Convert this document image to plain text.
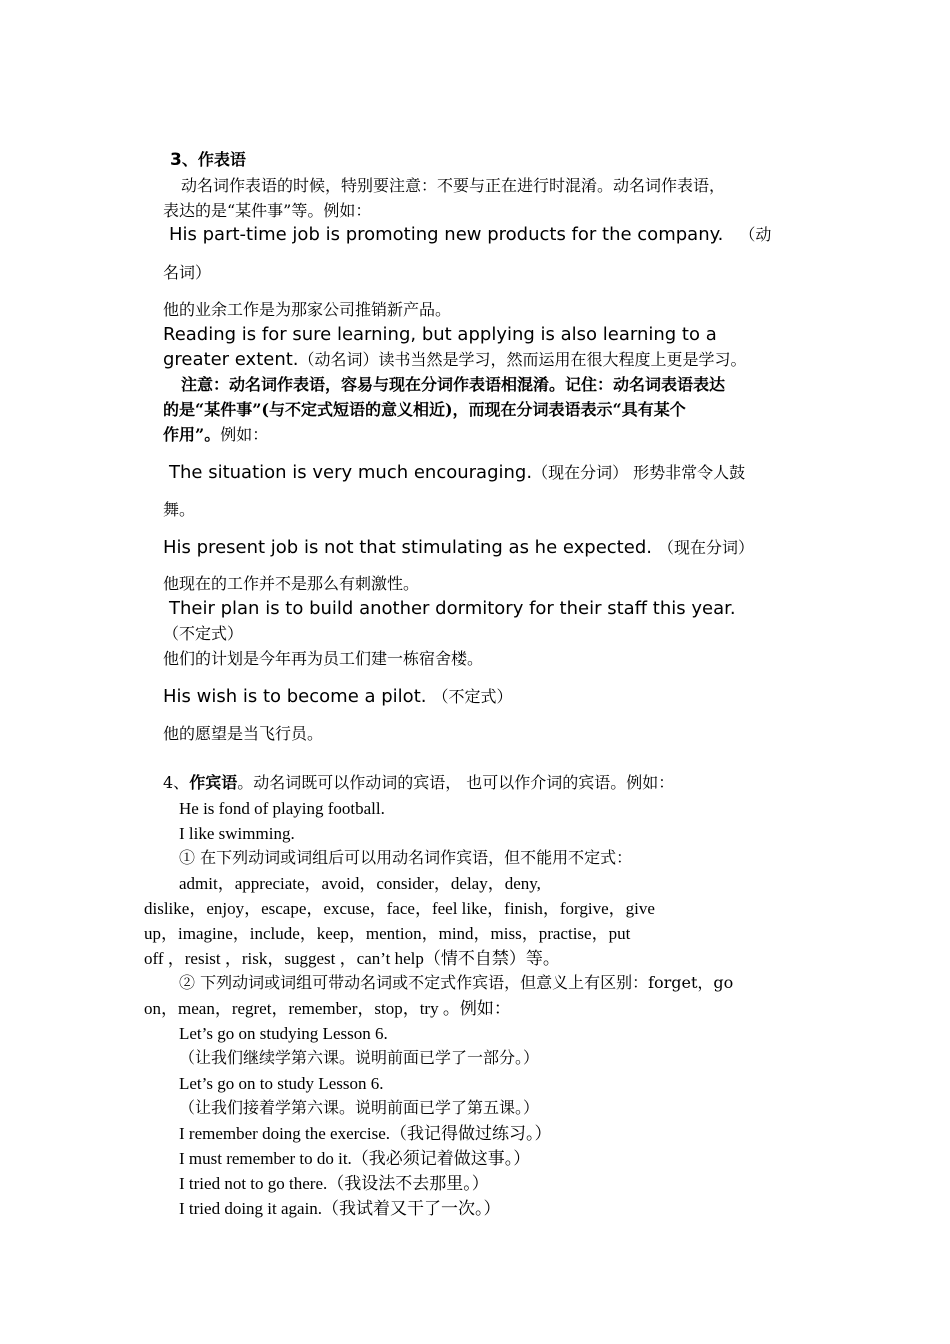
3、作表语
动名词作表语的时候，特别要注意：不要与正在进行时混淆。动名词作表语，
表达的是“某件事”等。例如：
His part-time job is promoting new products for the company. （动
名词）
他的业余工作是为那家公司推销新产品。
Reading is for sure learning, but applying is also learning to a
greater extent.（动名词）读书当然是学习，然而运用在很大程度上更是学习。
注意：动名词作表语，容易与现在分词作表语相混淆。记住：动名词表语表达
的是“某件事”(与不定式短语的意义相近)，而现在分词表语表示“具有某个
作用”。例如：
The situation is very much encouraging.（现在分词） 形势非常令人鼓
舞。
His present job is not that stimulating as he expected. （现在分词）
他现在的工作并不是那么有刺激性。
Their plan is to build another dormitory for their staff this year.
（不定式）
他们的计划是今年再为员工们建一栋宿舍楼。
His wish is to become a pilot. （不定式）
他的愿望是当飞行员。
4、作宾语。动名词既可以作动词的宾语， 也可以作介词的宾语。例如：
He is fond of playing football.
I like swimming.
① 在下列动词或词组后可以用动名词作宾语，但不能用不定式：
admit，appreciate，avoid，consider，delay，deny,
dislike，enjoy，escape，excuse，face，feel like，finish，forgive，give
up，imagine，include，keep，mention，mind，miss，practise，put
off ，resist ，risk，suggest ，can’t help（情不自禁）等。
② 下列动词或词组可带动名词或不定式作宾语，但意义上有区别：forget，go
on，mean，regret，remember，stop，try 。例如：
Let’s go on studying Lesson 6.
（让我们继续学第六课。说明前面已学了一部分。）
Let’s go on to study Lesson 6.
（让我们接着学第六课。说明前面已学了第五课。）
I remember doing the exercise.（我记得做过练习。）
I must remember to do it.（我必须记着做这事。）
I tried not to go there.（我设法不去那里。）
I tried doing it again.（我试着又干了一次。）
